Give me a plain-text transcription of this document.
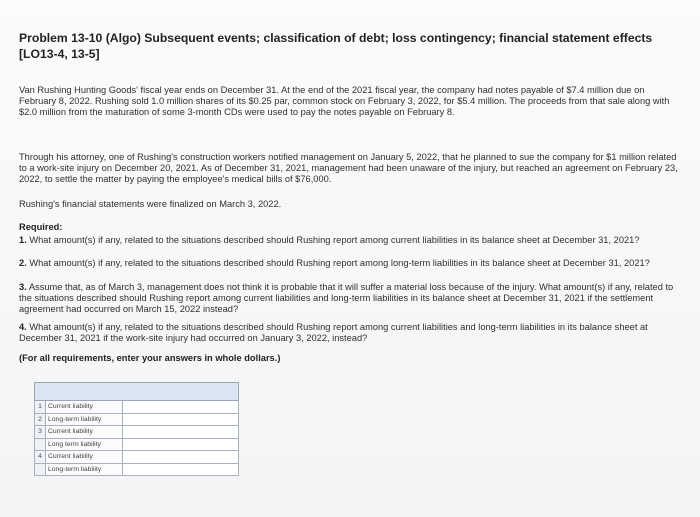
Problem 13-10 (Algo) Subsequent events; classification of debt; loss contingency; financial statement effects [LO13-4, 13-5]
Van Rushing Hunting Goods' fiscal year ends on December 31. At the end of the 2021 fiscal year, the company had notes payable of $7.4 million due on February 8, 2022. Rushing sold 1.0 million shares of its $0.25 par, common stock on February 3, 2022, for $5.4 million. The proceeds from that sale along with $2.0 million from the maturation of some 3-month CDs were used to pay the notes payable on February 8.
Through his attorney, one of Rushing's construction workers notified management on January 5, 2022, that he planned to sue the company for $1 million related to a work-site injury on December 20, 2021. As of December 31, 2021, management had been unaware of the injury, but reached an agreement on February 23, 2022, to settle the matter by paying the employee's medical bills of $76,000.
Rushing's financial statements were finalized on March 3, 2022.
Required:
1. What amount(s) if any, related to the situations described should Rushing report among current liabilities in its balance sheet at December 31, 2021?
2. What amount(s) if any, related to the situations described should Rushing report among long-term liabilities in its balance sheet at December 31, 2021?
3. Assume that, as of March 3, management does not think it is probable that it will suffer a material loss because of the injury. What amount(s) if any, related to the situations described should Rushing report among current liabilities and long-term liabilities in its balance sheet at December 31, 2021 if the settlement agreement had occurred on March 15, 2022 instead?
4. What amount(s) if any, related to the situations described should Rushing report among current liabilities and long-term liabilities in its balance sheet at December 31, 2021 if the work-site injury had occurred on January 3, 2022, instead?
(For all requirements, enter your answers in whole dollars.)

1	Current liability	
2	Long-term liability	
3	Current liability	
	Long term liability	
4	Current liability	
	Long-term liability	
